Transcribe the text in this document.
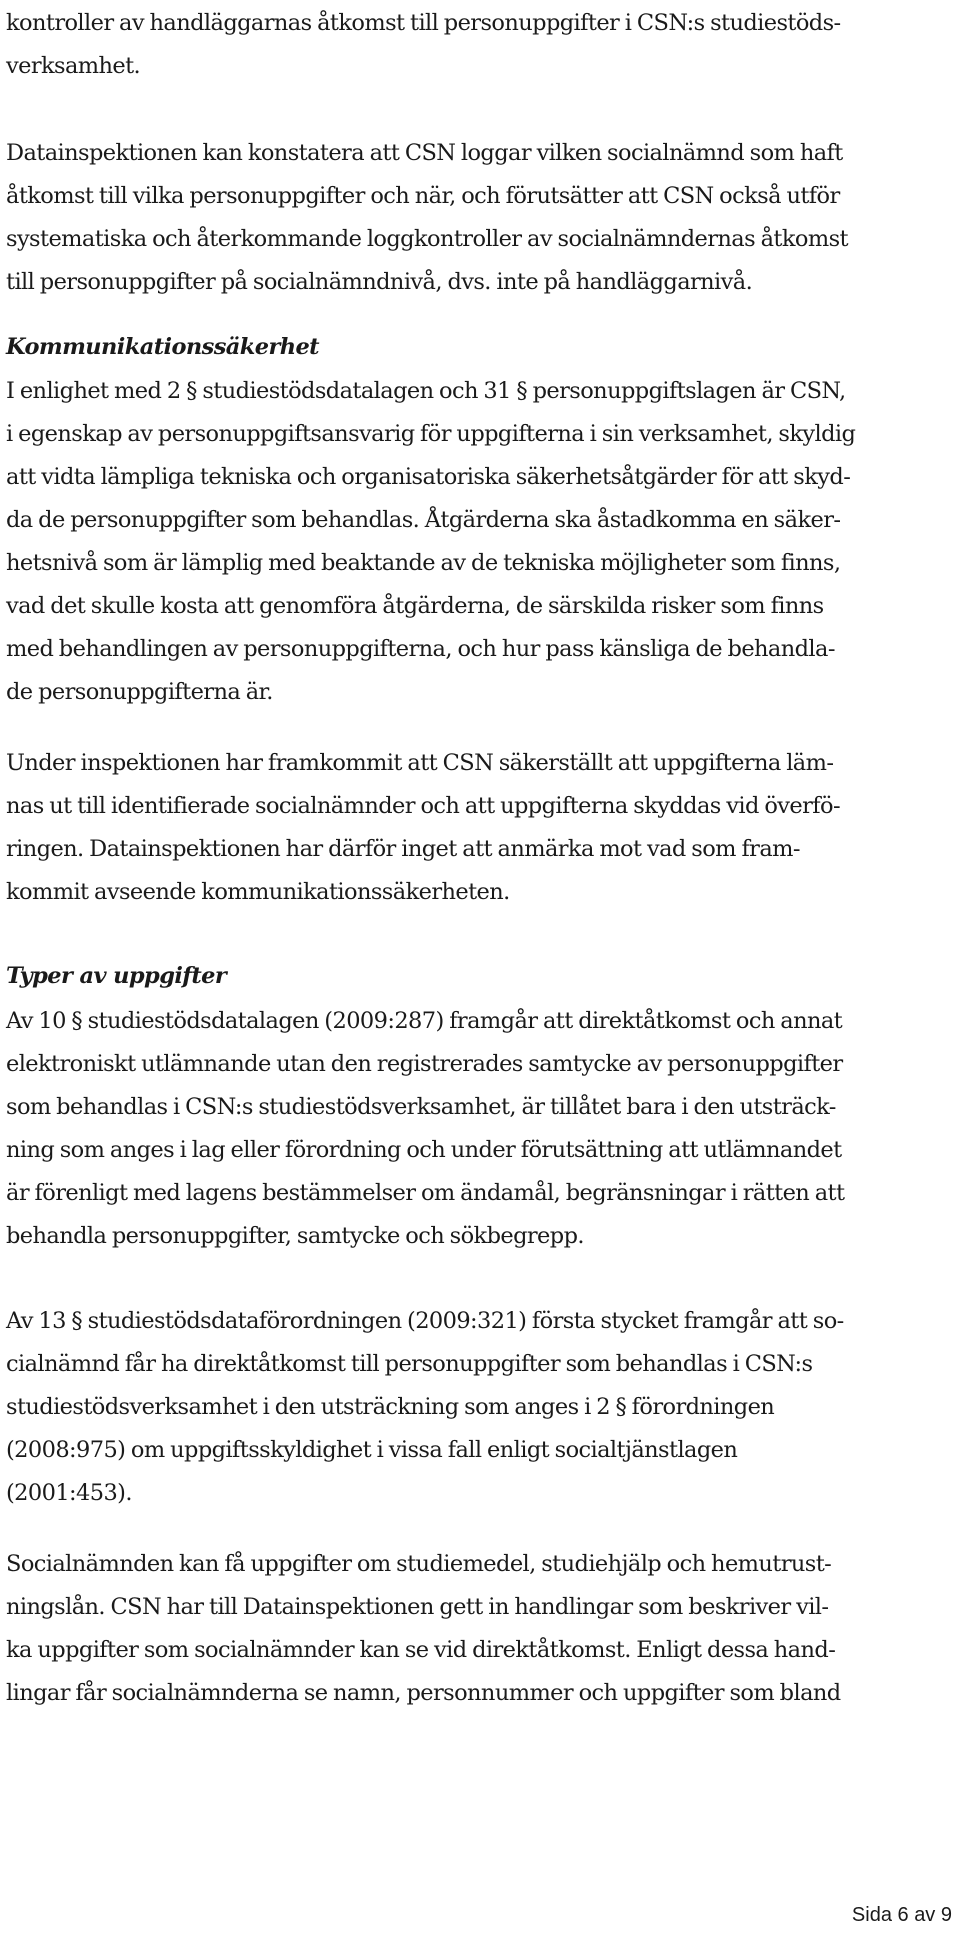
kontroller av handläggarnas åtkomst till personuppgifter i CSN:s studiestöds-
verksamhet.
Datainspektionen kan konstatera att CSN loggar vilken socialnämnd som haft
åtkomst till vilka personuppgifter och när, och förutsätter att CSN också utför
systematiska och återkommande loggkontroller av socialnämndernas åtkomst
till personuppgifter på socialnämndnivå, dvs. inte på handläggarnivå.
Kommunikationssäkerhet
I enlighet med 2 § studiestödsdatalagen och 31 § personuppgiftslagen är CSN,
i egenskap av personuppgiftsansvarig för uppgifterna i sin verksamhet, skyldig
att vidta lämpliga tekniska och organisatoriska säkerhetsåtgärder för att skyd-
da de personuppgifter som behandlas. Åtgärderna ska åstadkomma en säker-
hetsnivå som är lämplig med beaktande av de tekniska möjligheter som finns,
vad det skulle kosta att genomföra åtgärderna, de särskilda risker som finns
med behandlingen av personuppgifterna, och hur pass känsliga de behandla-
de personuppgifterna är.
Under inspektionen har framkommit att CSN säkerställt att uppgifterna läm-
nas ut till identifierade socialnämnder och att uppgifterna skyddas vid överfö-
ringen. Datainspektionen har därför inget att anmärka mot vad som fram-
kommit avseende kommunikationssäkerheten.
Typer av uppgifter
Av 10 § studiestödsdatalagen (2009:287) framgår att direktåtkomst och annat
elektroniskt utlämnande utan den registrerades samtycke av personuppgifter
som behandlas i CSN:s studiestödsverksamhet, är tillåtet bara i den utsträck-
ning som anges i lag eller förordning och under förutsättning att utlämnandet
är förenligt med lagens bestämmelser om ändamål, begränsningar i rätten att
behandla personuppgifter, samtycke och sökbegrepp.
Av 13 § studiestödsdataförordningen (2009:321) första stycket framgår att so-
cialnämnd får ha direktåtkomst till personuppgifter som behandlas i CSN:s
studiestödsverksamhet i den utsträckning som anges i 2 § förordningen
(2008:975) om uppgiftsskyldighet i vissa fall enligt socialtjänstlagen
(2001:453).
Socialnämnden kan få uppgifter om studiemedel, studiehjälp och hemutrust-
ningslån. CSN har till Datainspektionen gett in handlingar som beskriver vil-
ka uppgifter som socialnämnder kan se vid direktåtkomst. Enligt dessa hand-
lingar får socialnämnderna se namn, personnummer och uppgifter som bland
Sida 6 av 9
